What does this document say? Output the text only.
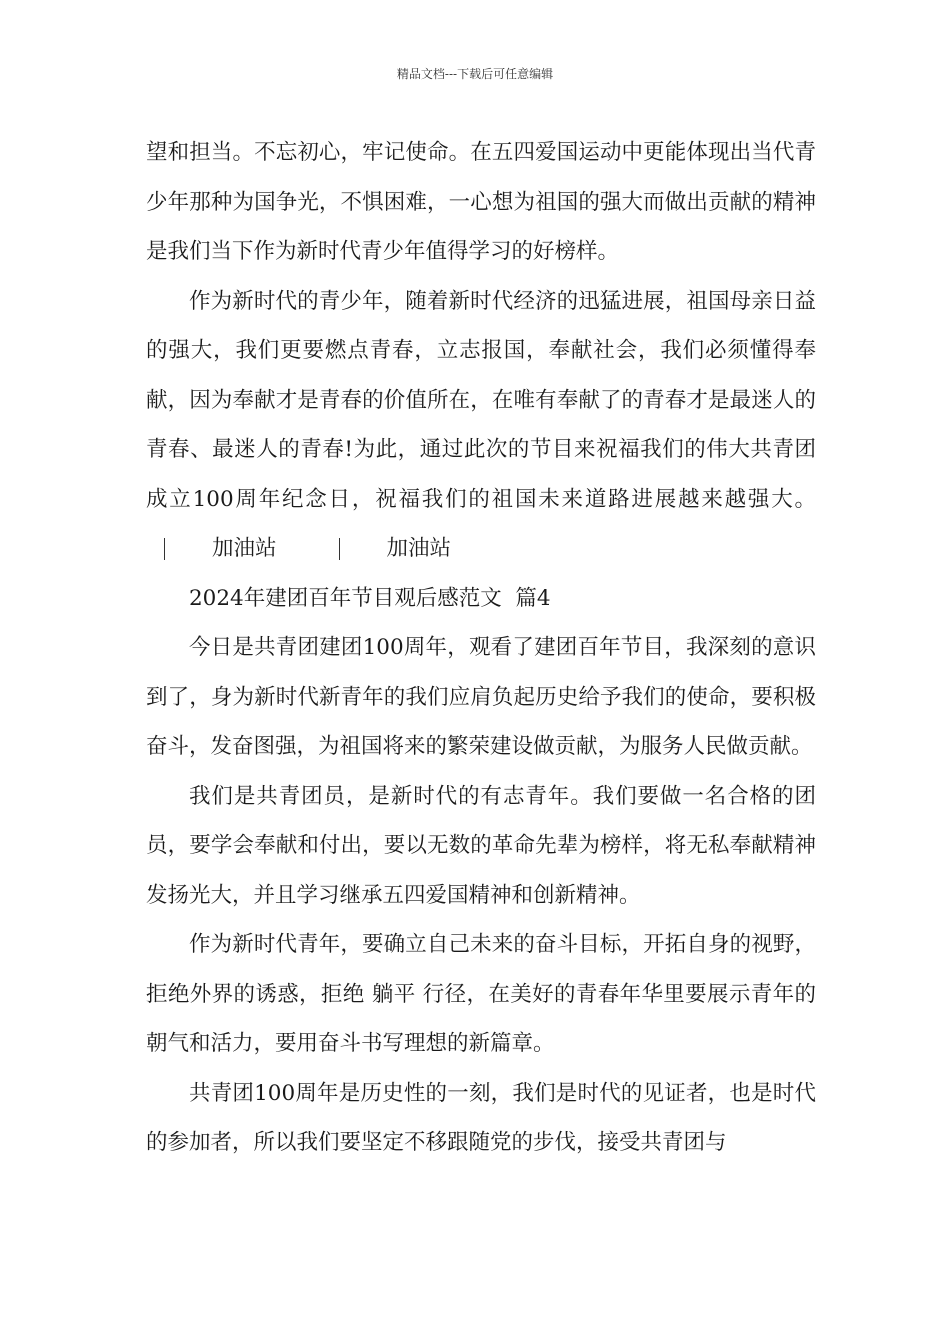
精品文档---下载后可任意编辑

望和担当。不忘初心，牢记使命。在五四爱国运动中更能体现出当代青少年那种为国争光，不惧困难，一心想为祖国的强大而做出贡献的精神是我们当下作为新时代青少年值得学习的好榜样。

作为新时代的青少年，随着新时代经济的迅猛进展，祖国母亲日益的强大，我们更要燃点青春，立志报国，奉献社会，我们必须懂得奉献，因为奉献才是青春的价值所在，在唯有奉献了的青春才是最迷人的青春、最迷人的青春!为此，通过此次的节目来祝福我们的伟大共青团成立100周年纪念日，祝福我们的祖国未来道路进展越来越强大。加油站	加油站

2024年建团百年节目观后感范文  篇4

今日是共青团建团100周年，观看了建团百年节目，我深刻的意识到了，身为新时代新青年的我们应肩负起历史给予我们的使命，要积极奋斗，发奋图强，为祖国将来的繁荣建设做贡献，为服务人民做贡献。

我们是共青团员，是新时代的有志青年。我们要做一名合格的团员，要学会奉献和付出，要以无数的革命先辈为榜样，将无私奉献精神发扬光大，并且学习继承五四爱国精神和创新精神。

作为新时代青年，要确立自己未来的奋斗目标，开拓自身的视野，拒绝外界的诱惑，拒绝 躺平 行径，在美好的青春年华里要展示青年的朝气和活力，要用奋斗书写理想的新篇章。

共青团100周年是历史性的一刻，我们是时代的见证者，也是时代的参加者，所以我们要坚定不移跟随党的步伐，接受共青团与
